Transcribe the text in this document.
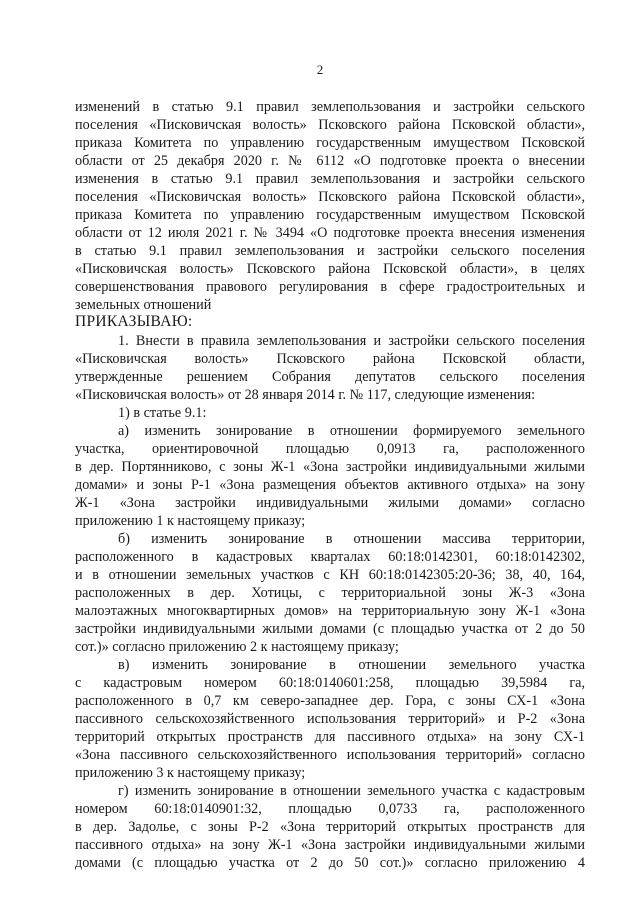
2
изменений в статью 9.1 правил землепользования и застройки сельского
поселения «Писковичская волость» Псковского района Псковской области»,
приказа Комитета по управлению государственным имуществом Псковской
области от 25 декабря 2020 г. № 6112 «О подготовке проекта о внесении
изменения в статью 9.1 правил землепользования и застройки сельского
поселения «Писковичская волость» Псковского района Псковской области»,
приказа Комитета по управлению государственным имуществом Псковской
области от 12 июля 2021 г. № 3494 «О подготовке проекта внесения изменения
в статью 9.1 правил землепользования и застройки сельского поселения
«Писковичская волость» Псковского района Псковской области», в целях
совершенствования правового регулирования в сфере градостроительных и
земельных отношений
ПРИКАЗЫВАЮ:
1. Внести в правила землепользования и застройки сельского поселения
«Писковичская волость» Псковского района Псковской области,
утвержденные решением Собрания депутатов сельского поселения
«Писковичская волость» от 28 января 2014 г. № 117, следующие изменения:
1) в статье 9.1:
а) изменить зонирование в отношении формируемого земельного
участка, ориентировочной площадью 0,0913 га, расположенного
в дер. Портянниково, с зоны Ж-1 «Зона застройки индивидуальными жилыми
домами» и зоны Р-1 «Зона размещения объектов активного отдыха» на зону
Ж-1 «Зона застройки индивидуальными жилыми домами» согласно
приложению 1 к настоящему приказу;
б) изменить зонирование в отношении массива территории,
расположенного в кадастровых кварталах 60:18:0142301, 60:18:0142302,
и в отношении земельных участков с КН 60:18:0142305:20-36; 38, 40, 164,
расположенных в дер. Хотицы, с территориальной зоны Ж-3 «Зона
малоэтажных многоквартирных домов» на территориальную зону Ж-1 «Зона
застройки индивидуальными жилыми домами (с площадью участка от 2 до 50
сот.)» согласно приложению 2 к настоящему приказу;
в) изменить зонирование в отношении земельного участка
с кадастровым номером 60:18:0140601:258, площадью 39,5984 га,
расположенного в 0,7 км северо-западнее дер. Гора, с зоны СХ-1 «Зона
пассивного сельскохозяйственного использования территорий» и Р-2 «Зона
территорий открытых пространств для пассивного отдыха» на зону СХ-1
«Зона пассивного сельскохозяйственного использования территорий» согласно
приложению 3 к настоящему приказу;
г) изменить зонирование в отношении земельного участка с кадастровым
номером 60:18:0140901:32, площадью 0,0733 га, расположенного
в дер. Задолье, с зоны Р-2 «Зона территорий открытых пространств для
пассивного отдыха» на зону Ж-1 «Зона застройки индивидуальными жилыми
домами (с площадью участка от 2 до 50 сот.)» согласно приложению 4
